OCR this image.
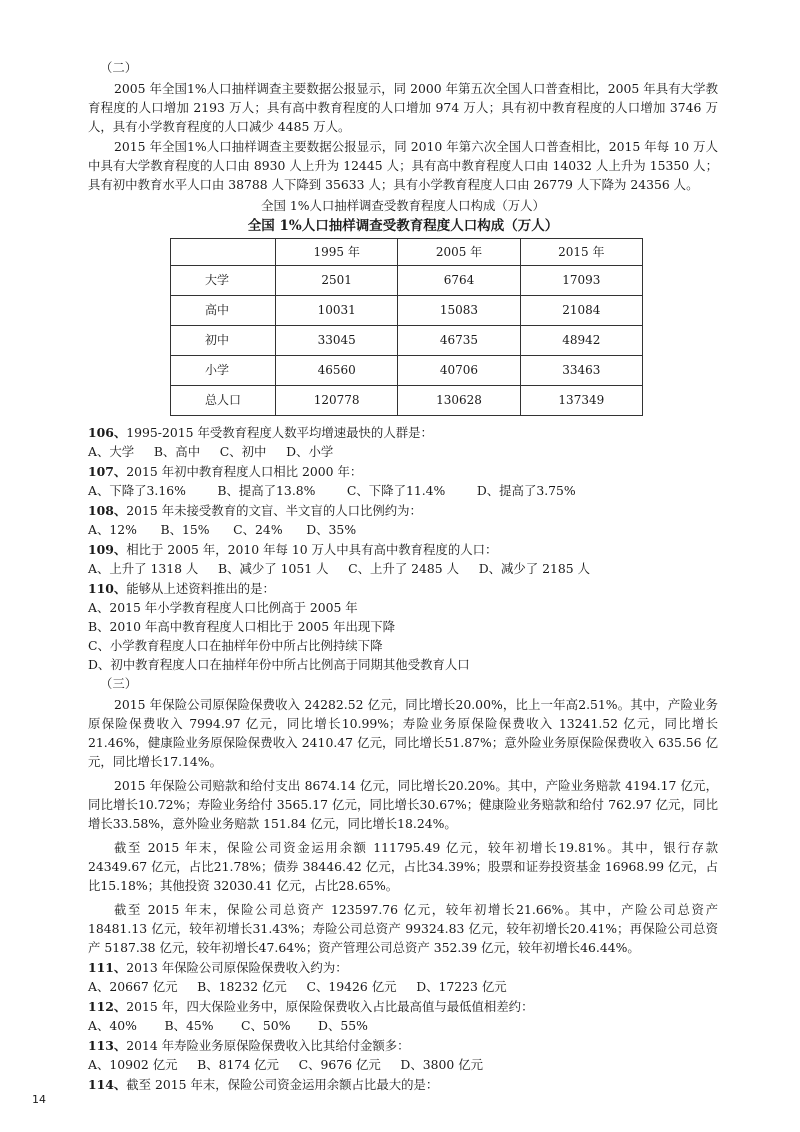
（二）

2005 年全国1%人口抽样调查主要数据公报显示，同 2000 年第五次全国人口普查相比，2005 年具有大学教育程度的人口增加 2193 万人；具有高中教育程度的人口增加 974 万人；具有初中教育程度的人口增加 3746 万人，具有小学教育程度的人口减少 4485 万人。

2015 年全国1%人口抽样调查主要数据公报显示，同 2010 年第六次全国人口普查相比，2015 年每 10 万人中具有大学教育程度的人口由 8930 人上升为 12445 人；具有高中教育程度人口由 14032 人上升为 15350 人；具有初中教育水平人口由 38788 人下降到 35633 人；具有小学教育程度人口由 26779 人下降为 24356 人。

全国 1%人口抽样调查受教育程度人口构成（万人）

全国 1%人口抽样调查受教育程度人口构成（万人）

	1995 年	2005 年	2015 年
大学	2501	6764	17093
高中	10031	15083	21084
初中	33045	46735	48942
小学	46560	40706	33463
总人口	120778	130628	137349

106、1995-2015 年受教育程度人数平均增速最快的人群是：

A、大学     B、高中     C、初中     D、小学

107、2015 年初中教育程度人口相比 2000 年：

A、下降了3.16%        B、提高了13.8%        C、下降了11.4%        D、提高了3.75%

108、2015 年未接受教育的文盲、半文盲的人口比例约为：

A、12%      B、15%      C、24%      D、35%

109、相比于 2005 年，2010 年每 10 万人中具有高中教育程度的人口：

A、上升了 1318 人     B、减少了 1051 人     C、上升了 2485 人     D、减少了 2185 人

110、能够从上述资料推出的是：

A、2015 年小学教育程度人口比例高于 2005 年

B、2010 年高中教育程度人口相比于 2005 年出现下降

C、小学教育程度人口在抽样年份中所占比例持续下降

D、初中教育程度人口在抽样年份中所占比例高于同期其他受教育人口

（三）

2015 年保险公司原保险保费收入 24282.52 亿元，同比增长20.00%，比上一年高2.51%。其中，产险业务原保险保费收入 7994.97 亿元，同比增长10.99%；寿险业务原保险保费收入 13241.52 亿元，同比增长21.46%，健康险业务原保险保费收入 2410.47 亿元，同比增长51.87%；意外险业务原保险保费收入 635.56 亿元，同比增长17.14%。

2015 年保险公司赔款和给付支出 8674.14 亿元，同比增长20.20%。其中，产险业务赔款 4194.17 亿元，同比增长10.72%；寿险业务给付 3565.17 亿元，同比增长30.67%；健康险业务赔款和给付 762.97 亿元，同比增长33.58%，意外险业务赔款 151.84 亿元，同比增长18.24%。

截至 2015 年末，保险公司资金运用余额 111795.49 亿元，较年初增长19.81%。其中，银行存款 24349.67 亿元，占比21.78%；债券 38446.42 亿元，占比34.39%；股票和证券投资基金 16968.99 亿元，占比15.18%；其他投资 32030.41 亿元，占比28.65%。

截至 2015 年末，保险公司总资产 123597.76 亿元，较年初增长21.66%。其中，产险公司总资产 18481.13 亿元，较年初增长31.43%；寿险公司总资产 99324.83 亿元，较年初增长20.41%；再保险公司总资产 5187.38 亿元，较年初增长47.64%；资产管理公司总资产 352.39 亿元，较年初增长46.44%。

111、2013 年保险公司原保险保费收入约为：

A、20667 亿元     B、18232 亿元     C、19426 亿元     D、17223 亿元

112、2015 年，四大保险业务中，原保险保费收入占比最高值与最低值相差约：

A、40%       B、45%       C、50%       D、55%

113、2014 年寿险业务原保险保费收入比其给付金额多：

A、10902 亿元     B、8174 亿元     C、9676 亿元     D、3800 亿元

114、截至 2015 年末，保险公司资金运用余额占比最大的是：

14
